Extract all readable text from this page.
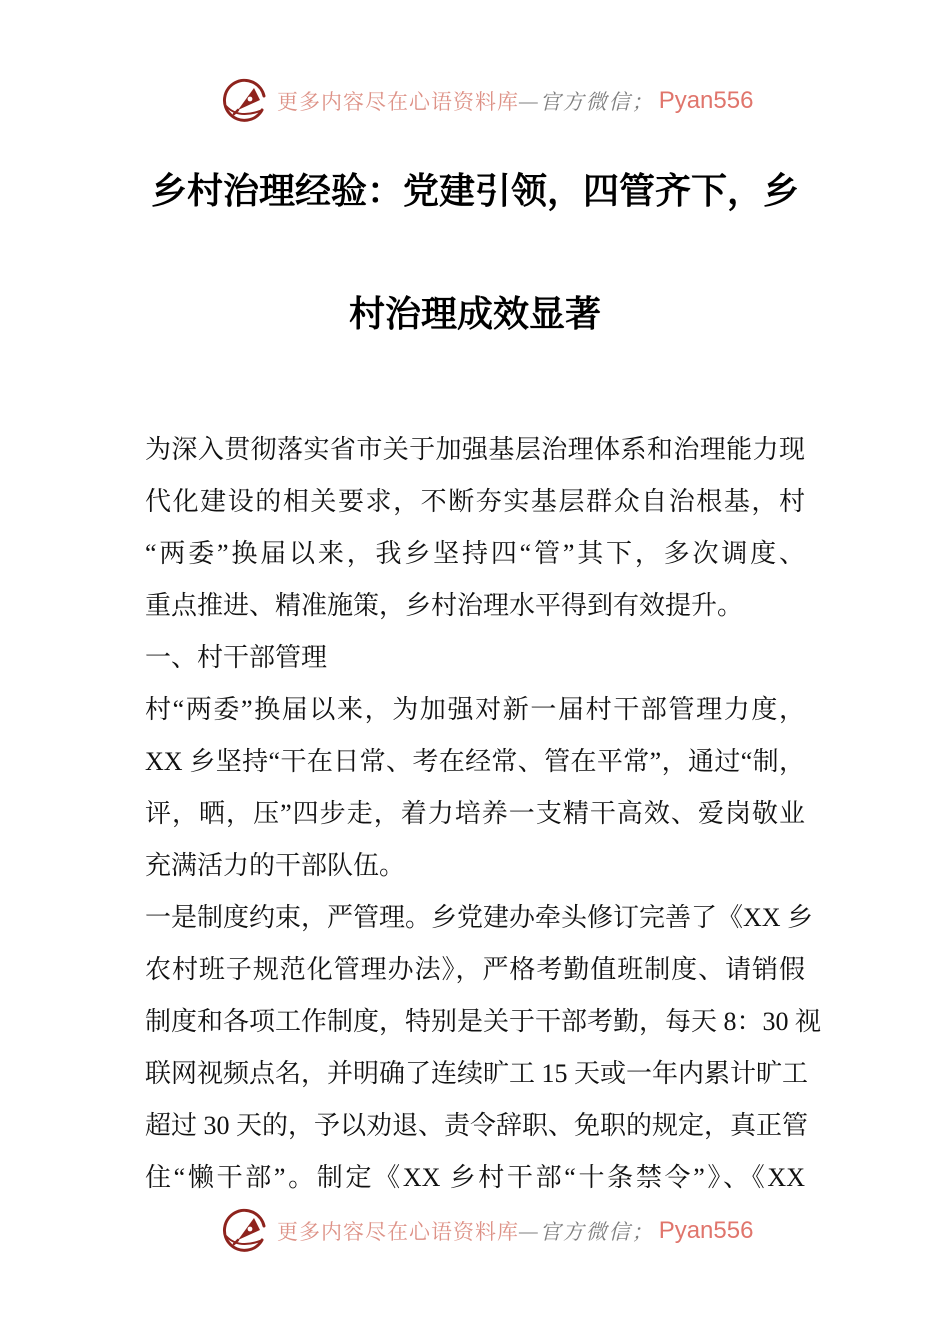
更多内容尽在心语资料库 — 官方微信； Pyan556
乡村治理经验：党建引领，四管齐下，乡
村治理成效显著
为深入贯彻落实省市关于加强基层治理体系和治理能力现
代化建设的相关要求，不断夯实基层群众自治根基，村
“两委”换届以来，我乡坚持四“管”其下，多次调度、
重点推进、精准施策，乡村治理水平得到有效提升。
一、村干部管理
村“两委”换届以来，为加强对新一届村干部管理力度，
XX 乡坚持“干在日常、考在经常、管在平常”，通过“制，
评，晒，压”四步走，着力培养一支精干高效、爱岗敬业
充满活力的干部队伍。
一是制度约束，严管理。乡党建办牵头修订完善了《XX 乡
农村班子规范化管理办法》，严格考勤值班制度、请销假
制度和各项工作制度，特别是关于干部考勤，每天 8：30 视
联网视频点名，并明确了连续旷工 15 天或一年内累计旷工
超过 30 天的，予以劝退、责令辞职、免职的规定，真正管
住“懒干部”。制定《XX 乡村干部“十条禁令”》、《XX
更多内容尽在心语资料库 — 官方微信； Pyan556
